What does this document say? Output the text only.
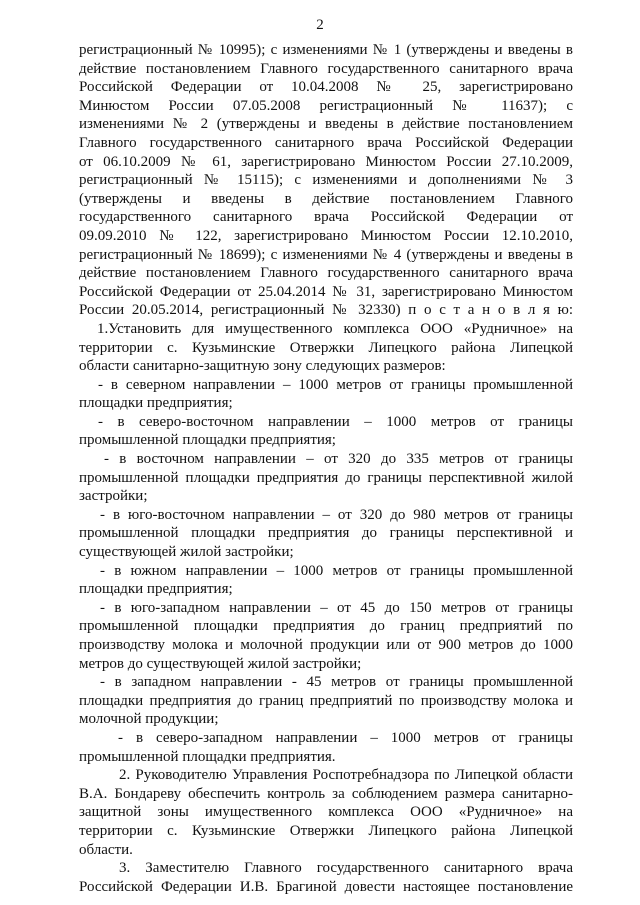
2
регистрационный № 10995); с изменениями № 1 (утверждены и введены в
действие постановлением Главного государственного санитарного врача
Российской Федерации от 10.04.2008 № 25, зарегистрировано
Минюстом России 07.05.2008 регистрационный № 11637); с
изменениями № 2 (утверждены и введены в действие постановлением
Главного государственного санитарного врача Российской Федерации
от 06.10.2009 № 61, зарегистрировано Минюстом России 27.10.2009,
регистрационный № 15115); с изменениями и дополнениями № 3
(утверждены и введены в действие постановлением Главного
государственного санитарного врача Российской Федерации от
09.09.2010 № 122, зарегистрировано Минюстом России 12.10.2010,
регистрационный № 18699); с изменениями № 4 (утверждены и введены в
действие постановлением Главного государственного санитарного врача
Российской Федерации от 25.04.2014 № 31, зарегистрировано Минюстом
России 20.05.2014, регистрационный № 32330) п о с т а н о в л я ю:
1.Установить для имущественного комплекса ООО «Рудничное» на
территории с. Кузьминские Отвержки Липецкого района Липецкой
области санитарно-защитную зону следующих размеров:
- в северном направлении – 1000 метров от границы промышленной
площадки предприятия;
- в северо-восточном направлении – 1000 метров от границы
промышленной площадки предприятия;
- в восточном направлении – от 320 до 335 метров от границы
промышленной площадки предприятия до границы перспективной жилой
застройки;
- в юго-восточном направлении – от 320 до 980 метров от границы
промышленной площадки предприятия до границы перспективной и
существующей жилой застройки;
- в южном направлении – 1000 метров от границы промышленной
площадки предприятия;
- в юго-западном направлении – от 45 до 150 метров от границы
промышленной площадки предприятия до границ предприятий по
производству молока и молочной продукции или от 900 метров до 1000
метров до существующей жилой застройки;
- в западном направлении - 45 метров от границы промышленной
площадки предприятия до границ предприятий по производству молока и
молочной продукции;
- в северо-западном направлении – 1000 метров от границы
промышленной площадки предприятия.
2. Руководителю Управления Роспотребнадзора по Липецкой области
В.А. Бондареву обеспечить контроль за соблюдением размера санитарно-
защитной зоны имущественного комплекса ООО «Рудничное» на
территории с. Кузьминские Отвержки Липецкого района Липецкой
области.
3. Заместителю Главного государственного санитарного врача
Российской Федерации И.В. Брагиной довести настоящее постановление
